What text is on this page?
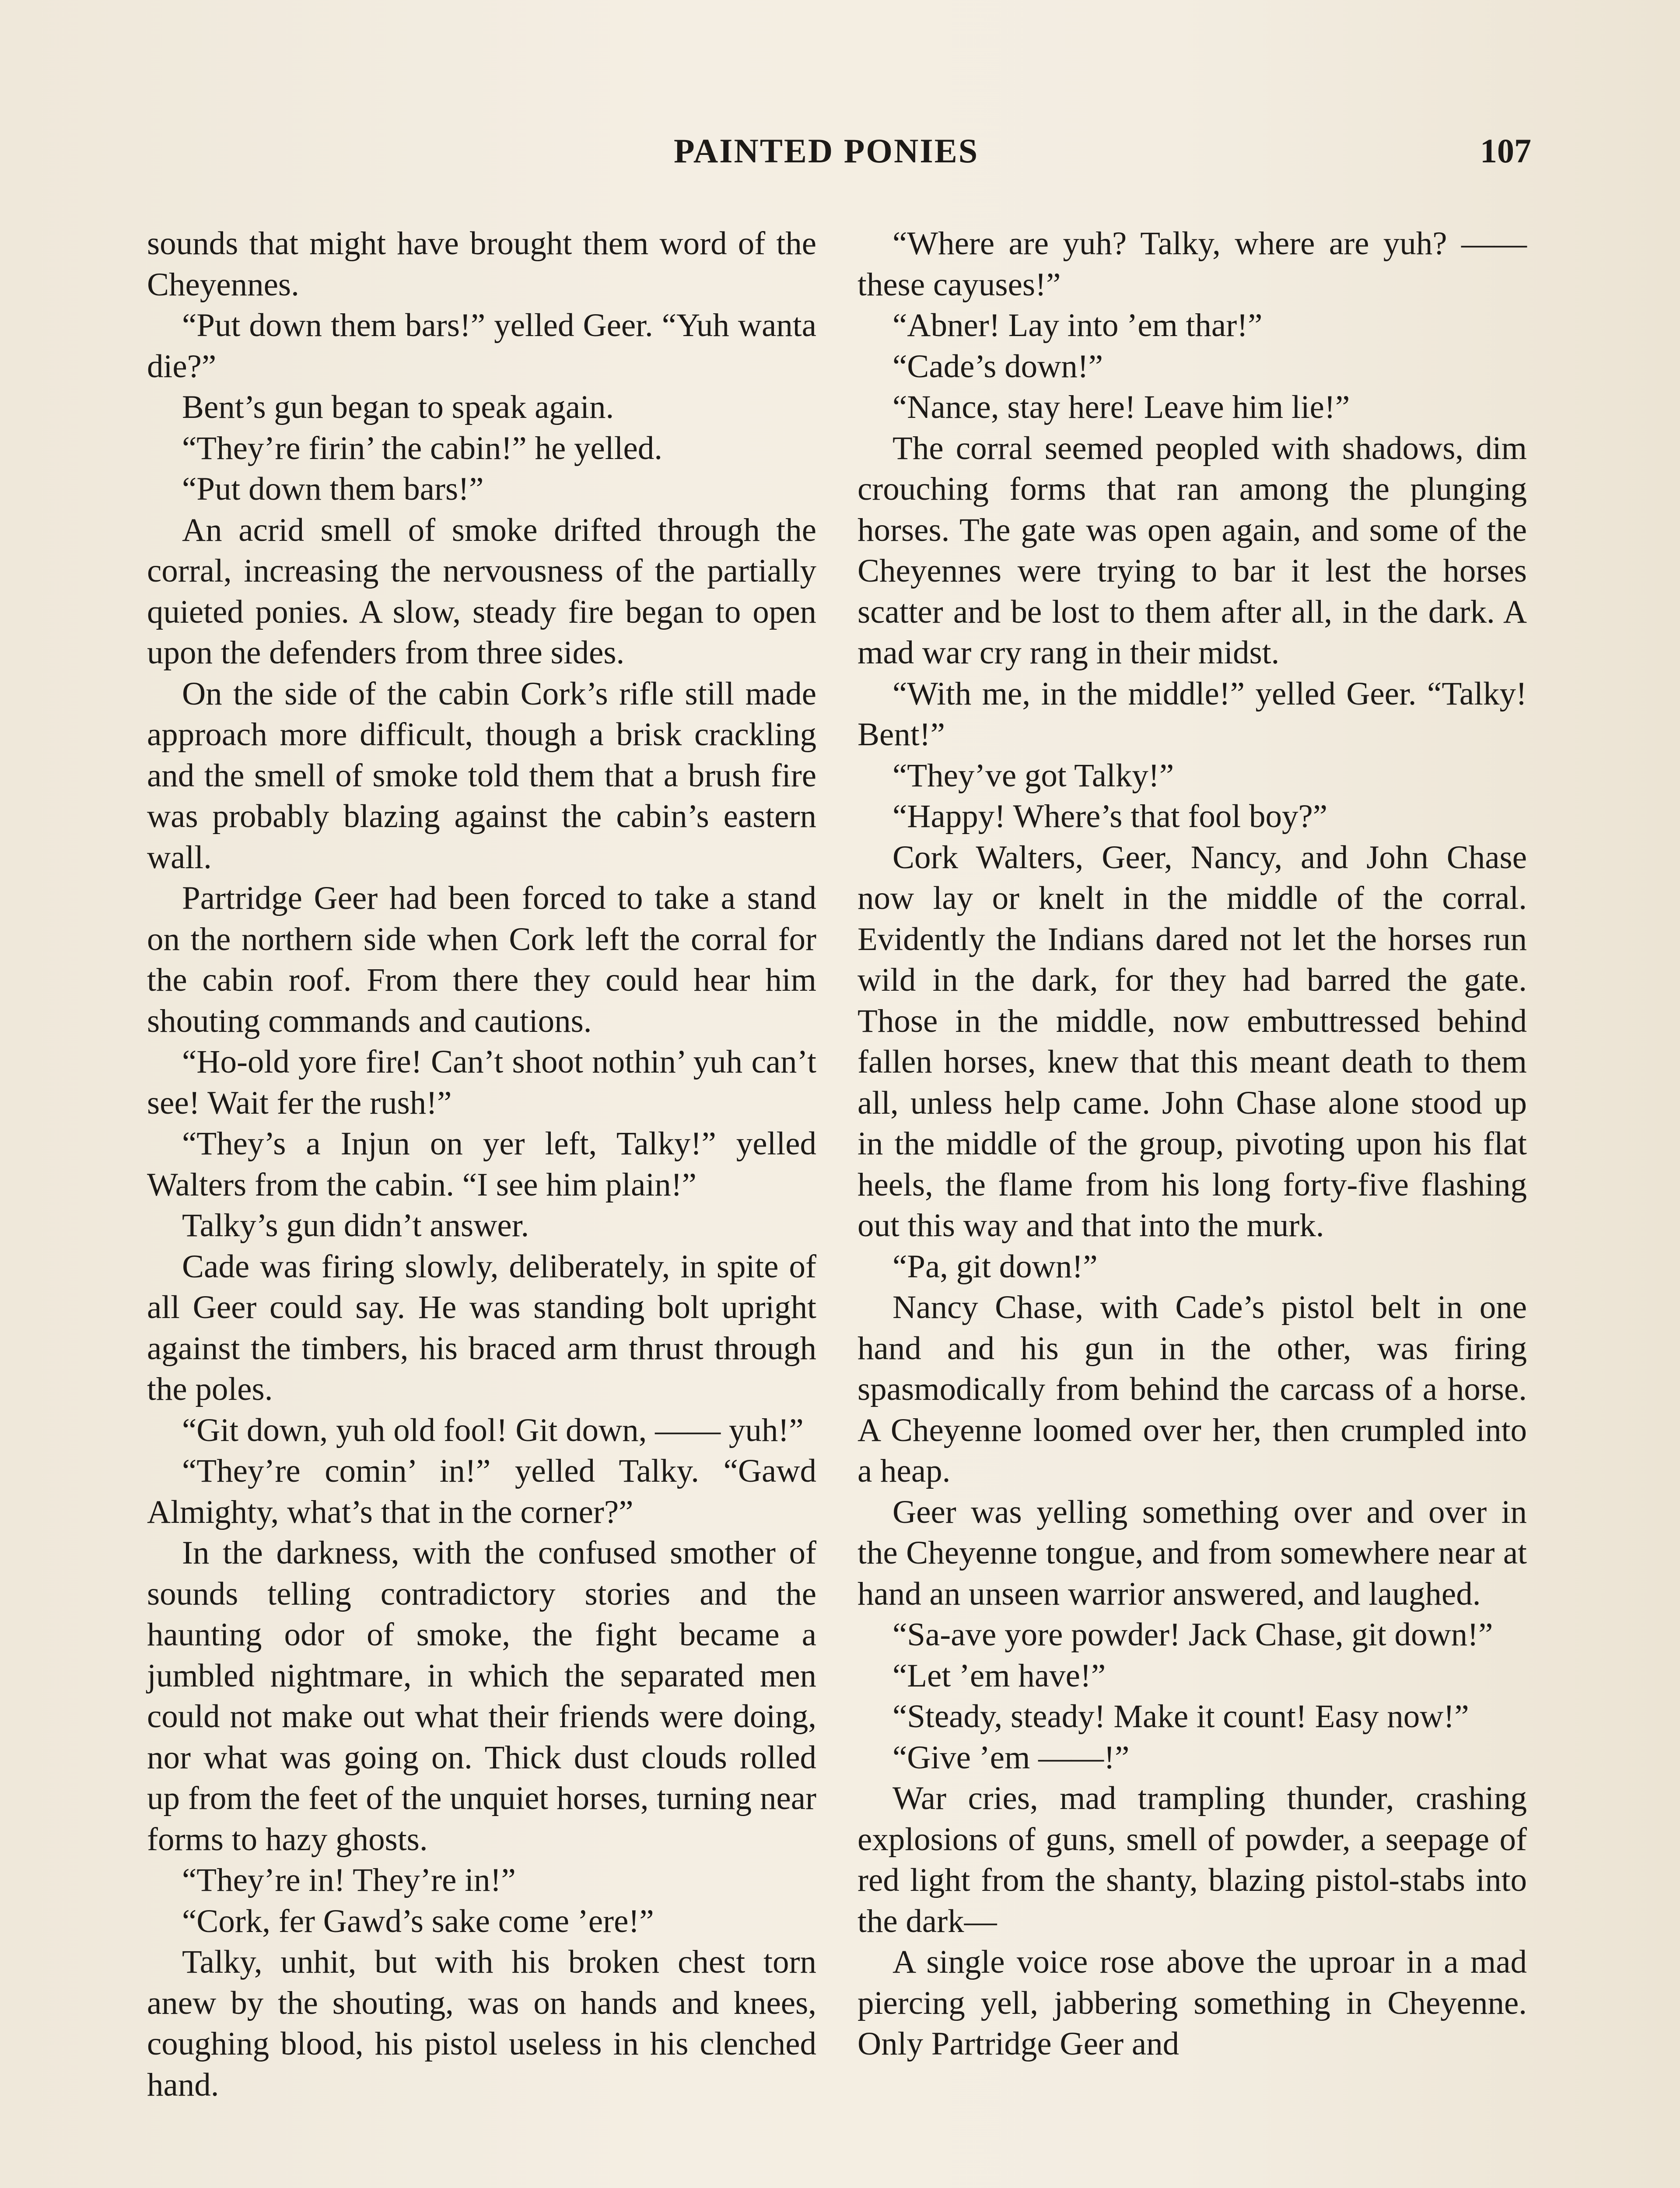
PAINTED PONIES	107

sounds that might have brought them word of the Cheyennes.

“Put down them bars!” yelled Geer. “Yuh wanta die?”

Bent’s gun began to speak again.

“They’re firin’ the cabin!” he yelled.

“Put down them bars!”

An acrid smell of smoke drifted through the corral, increasing the nervousness of the partially quieted ponies. A slow, steady fire began to open upon the defenders from three sides.

On the side of the cabin Cork’s rifle still made approach more difficult, though a brisk crackling and the smell of smoke told them that a brush fire was probably blazing against the cabin’s eastern wall.

Partridge Geer had been forced to take a stand on the northern side when Cork left the corral for the cabin roof. From there they could hear him shouting commands and cautions.

“Ho-old yore fire! Can’t shoot nothin’ yuh can’t see! Wait fer the rush!”

“They’s a Injun on yer left, Talky!” yelled Walters from the cabin. “I see him plain!”

Talky’s gun didn’t answer.

Cade was firing slowly, deliberately, in spite of all Geer could say. He was standing bolt upright against the timbers, his braced arm thrust through the poles.

“Git down, yuh old fool! Git down, —— yuh!”

“They’re comin’ in!” yelled Talky. “Gawd Almighty, what’s that in the corner?”

In the darkness, with the confused smother of sounds telling contradictory stories and the haunting odor of smoke, the fight became a jumbled nightmare, in which the separated men could not make out what their friends were doing, nor what was going on. Thick dust clouds rolled up from the feet of the unquiet horses, turning near forms to hazy ghosts.

“They’re in! They’re in!”

“Cork, fer Gawd’s sake come ’ere!”

Talky, unhit, but with his broken chest torn anew by the shouting, was on hands and knees, coughing blood, his pistol useless in his clenched hand.

“Where are yuh? Talky, where are yuh? —— these cayuses!”

“Abner! Lay into ’em thar!”

“Cade’s down!”

“Nance, stay here! Leave him lie!”

The corral seemed peopled with shadows, dim crouching forms that ran among the plunging horses. The gate was open again, and some of the Cheyennes were trying to bar it lest the horses scatter and be lost to them after all, in the dark. A mad war cry rang in their midst.

“With me, in the middle!” yelled Geer. “Talky! Bent!”

“They’ve got Talky!”

“Happy! Where’s that fool boy?”

Cork Walters, Geer, Nancy, and John Chase now lay or knelt in the middle of the corral. Evidently the Indians dared not let the horses run wild in the dark, for they had barred the gate. Those in the middle, now embuttressed behind fallen horses, knew that this meant death to them all, unless help came. John Chase alone stood up in the middle of the group, pivoting upon his flat heels, the flame from his long forty-five flashing out this way and that into the murk.

“Pa, git down!”

Nancy Chase, with Cade’s pistol belt in one hand and his gun in the other, was firing spasmodically from behind the carcass of a horse. A Cheyenne loomed over her, then crumpled into a heap.

Geer was yelling something over and over in the Cheyenne tongue, and from somewhere near at hand an unseen warrior answered, and laughed.

“Sa-ave yore powder! Jack Chase, git down!”

“Let ’em have!”

“Steady, steady! Make it count! Easy now!”

“Give ’em ——!”

War cries, mad trampling thunder, crashing explosions of guns, smell of powder, a seepage of red light from the shanty, blazing pistol-stabs into the dark—

A single voice rose above the uproar in a mad piercing yell, jabbering something in Cheyenne. Only Partridge Geer and
